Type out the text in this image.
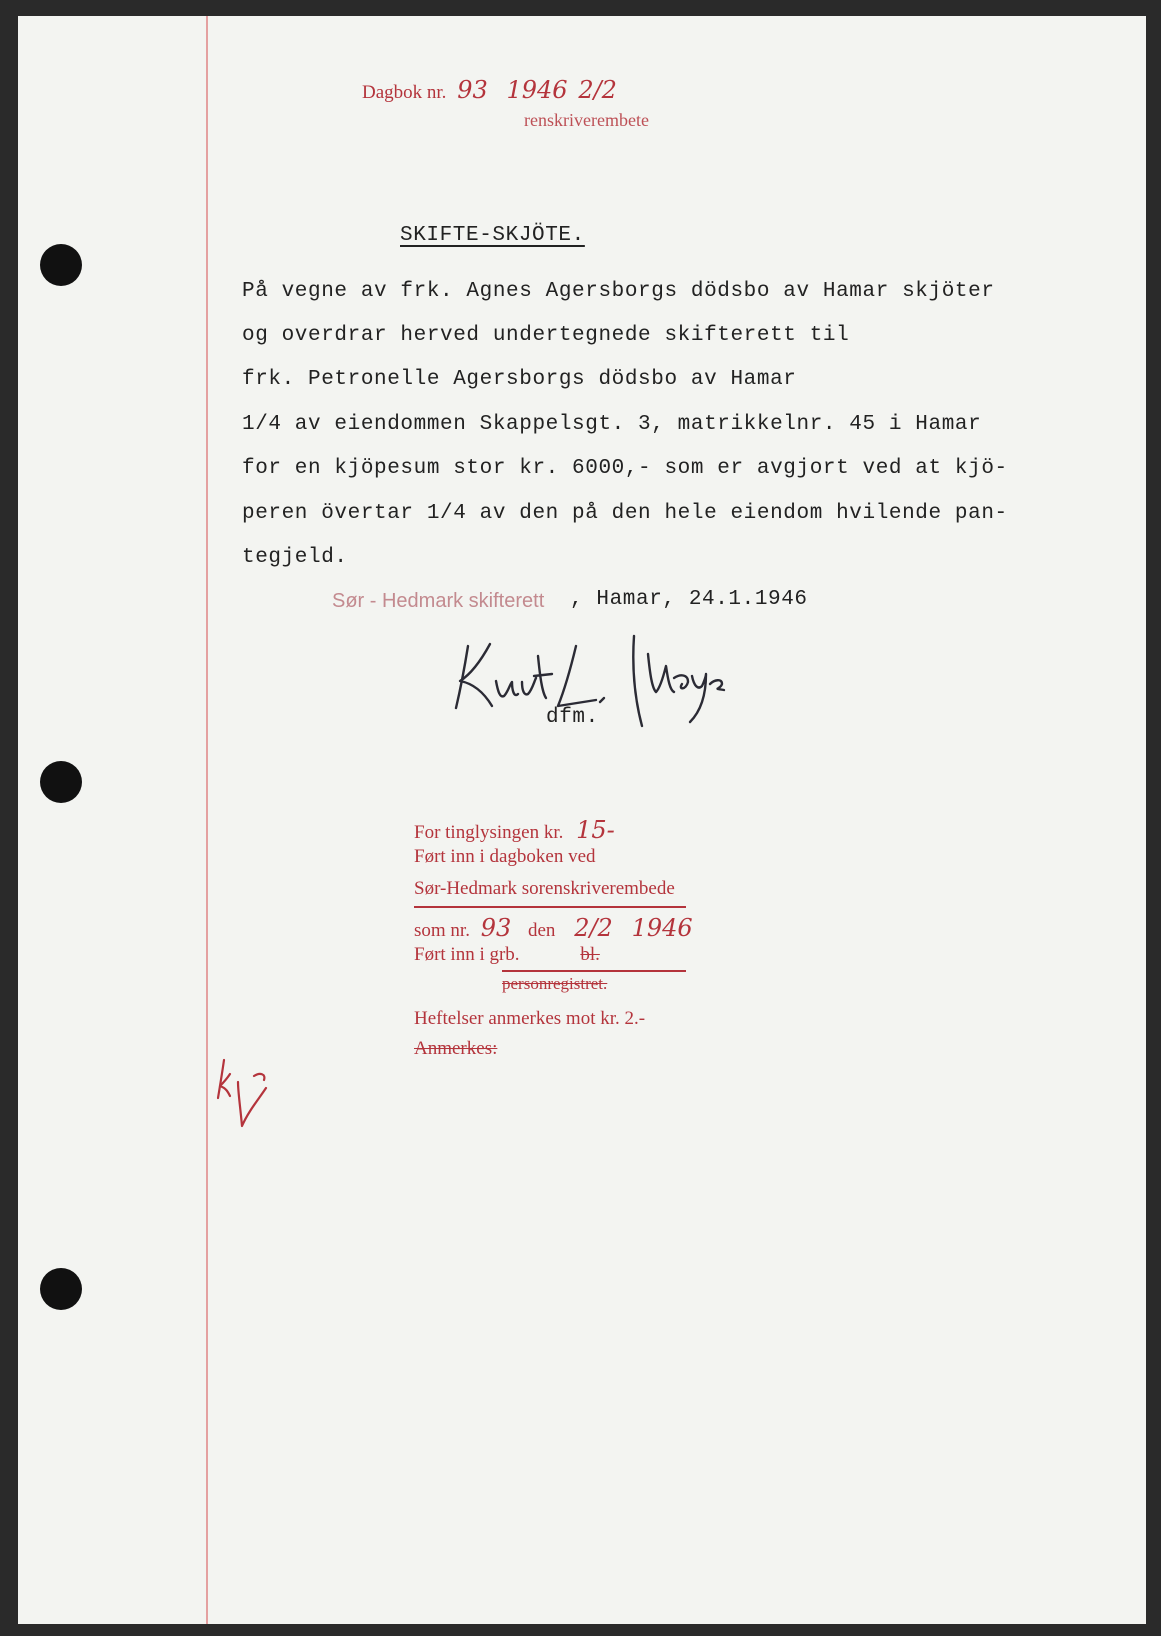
Dagbok nr. 93 1946 2/2
renskriverembete
SKIFTE-SKJÖTE.
På vegne av frk. Agnes Agersborgs dödsbo av Hamar skjöter
og overdrar herved undertegnede skifterett til
frk. Petronelle Agersborgs dödsbo av Hamar
1/4 av eiendommen Skappelsgt. 3, matrikkelnr. 45 i Hamar
for en kjöpesum stor kr. 6000,- som er avgjort ved at kjö-
peren övertar 1/4 av den på den hele eiendom hvilende pan-
tegjeld.
Sør - Hedmark skifterett , Hamar, 24.1.1946
dfm.
For tinglysingen kr. 15-
Ført inn i dagboken ved
Sør-Hedmark sorenskriverembede
som nr. 93 den 2/2 1946
Ført inn i grb.	bl.
personregistret.
Heftelser anmerkes mot kr. 2.-
Anmerkes:
